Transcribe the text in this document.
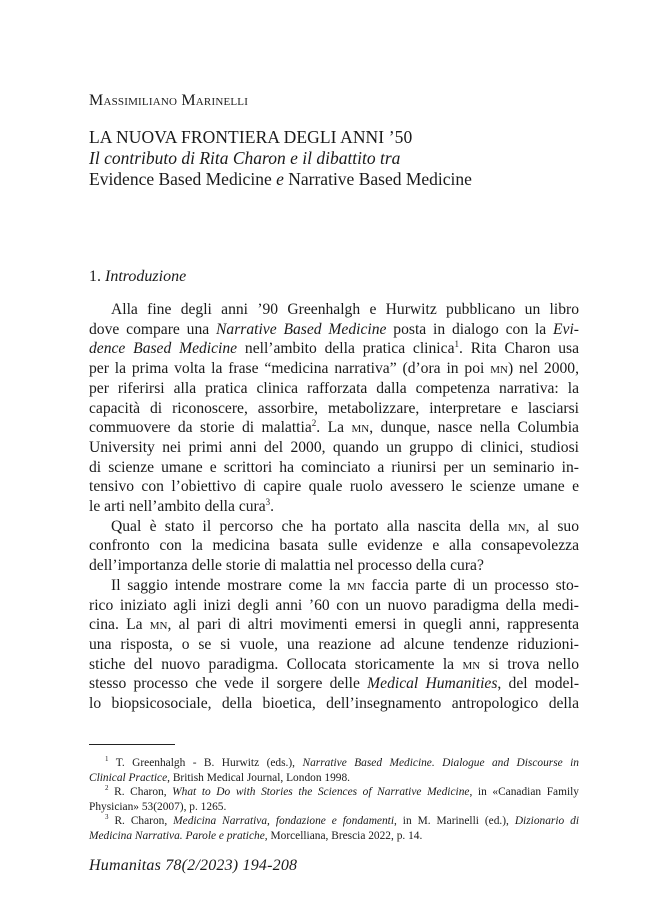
Massimiliano Marinelli
LA NUOVA FRONTIERA DEGLI ANNI ’50
Il contributo di Rita Charon e il dibattito tra
Evidence Based Medicine e Narrative Based Medicine
1. Introduzione
Alla fine degli anni ’90 Greenhalgh e Hurwitz pubblicano un libro
dove compare una Narrative Based Medicine posta in dialogo con la Evi-
dence Based Medicine nell’ambito della pratica clinica$^1$. Rita Charon usa
per la prima volta la frase “medicina narrativa” (d’ora in poi mn) nel 2000,
per riferirsi alla pratica clinica rafforzata dalla competenza narrativa: la
capacità di riconoscere, assorbire, metabolizzare, interpretare e lasciarsi
commuovere da storie di malattia$^2$. La mn, dunque, nasce nella Columbia
University nei primi anni del 2000, quando un gruppo di clinici, studiosi
di scienze umane e scrittori ha cominciato a riunirsi per un seminario in-
tensivo con l’obiettivo di capire quale ruolo avessero le scienze umane e
le arti nell’ambito della cura$^3$.
Qual è stato il percorso che ha portato alla nascita della mn, al suo
confronto con la medicina basata sulle evidenze e alla consapevolezza
dell’importanza delle storie di malattia nel processo della cura?
Il saggio intende mostrare come la mn faccia parte di un processo sto-
rico iniziato agli inizi degli anni ’60 con un nuovo paradigma della medi-
cina. La mn, al pari di altri movimenti emersi in quegli anni, rappresenta
una risposta, o se si vuole, una reazione ad alcune tendenze riduzioni-
stiche del nuovo paradigma. Collocata storicamente la mn si trova nello
stesso processo che vede il sorgere delle Medical Humanities, del model-
lo biopsicosociale, della bioetica, dell’insegnamento antropologico della
$^1$ T. Greenhalgh - B. Hurwitz (eds.), Narrative Based Medicine. Dialogue and Discourse in
Clinical Practice, British Medical Journal, London 1998.
$^2$ R. Charon, What to Do with Stories the Sciences of Narrative Medicine, in «Canadian Family
Physician» 53(2007), p. 1265.
$^3$ R. Charon, Medicina Narrativa, fondazione e fondamenti, in M. Marinelli (ed.), Dizionario di
Medicina Narrativa. Parole e pratiche, Morcelliana, Brescia 2022, p. 14.
Humanitas 78(2/2023) 194-208
